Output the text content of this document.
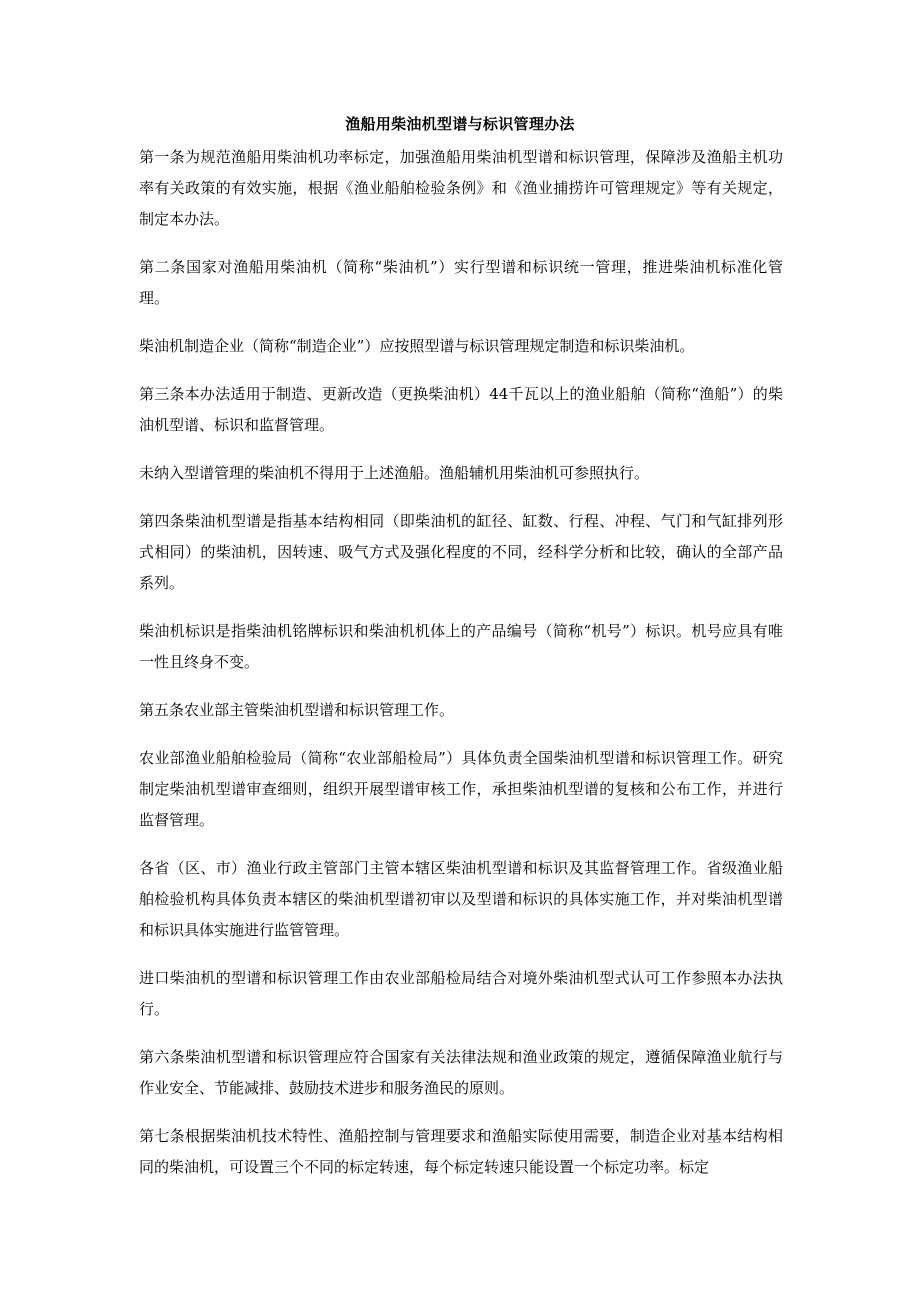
渔船用柴油机型谱与标识管理办法

第一条为规范渔船用柴油机功率标定，加强渔船用柴油机型谱和标识管理，保障涉及渔船主机功率有关政策的有效实施，根据《渔业船舶检验条例》和《渔业捕捞许可管理规定》等有关规定，制定本办法。

第二条国家对渔船用柴油机（简称“柴油机”）实行型谱和标识统一管理，推进柴油机标准化管理。

柴油机制造企业（简称“制造企业”）应按照型谱与标识管理规定制造和标识柴油机。

第三条本办法适用于制造、更新改造（更换柴油机）44千瓦以上的渔业船舶（简称“渔船”）的柴油机型谱、标识和监督管理。

未纳入型谱管理的柴油机不得用于上述渔船。渔船辅机用柴油机可参照执行。

第四条柴油机型谱是指基本结构相同（即柴油机的缸径、缸数、行程、冲程、气门和气缸排列形式相同）的柴油机，因转速、吸气方式及强化程度的不同，经科学分析和比较，确认的全部产品系列。

柴油机标识是指柴油机铭牌标识和柴油机机体上的产品编号（简称“机号”）标识。机号应具有唯一性且终身不变。

第五条农业部主管柴油机型谱和标识管理工作。

农业部渔业船舶检验局（简称“农业部船检局”）具体负责全国柴油机型谱和标识管理工作。研究制定柴油机型谱审查细则，组织开展型谱审核工作，承担柴油机型谱的复核和公布工作，并进行监督管理。

各省（区、市）渔业行政主管部门主管本辖区柴油机型谱和标识及其监督管理工作。省级渔业船舶检验机构具体负责本辖区的柴油机型谱初审以及型谱和标识的具体实施工作，并对柴油机型谱和标识具体实施进行监管管理。

进口柴油机的型谱和标识管理工作由农业部船检局结合对境外柴油机型式认可工作参照本办法执行。

第六条柴油机型谱和标识管理应符合国家有关法律法规和渔业政策的规定，遵循保障渔业航行与作业安全、节能减排、鼓励技术进步和服务渔民的原则。

第七条根据柴油机技术特性、渔船控制与管理要求和渔船实际使用需要，制造企业对基本结构相同的柴油机，可设置三个不同的标定转速，每个标定转速只能设置一个标定功率。标定
